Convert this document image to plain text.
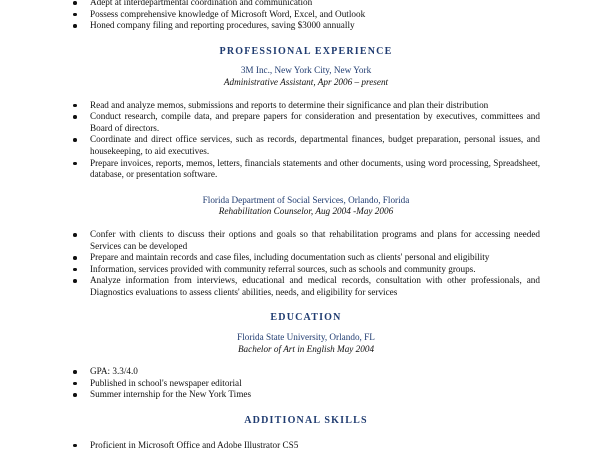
Adept at interdepartmental coordination and communication
Possess comprehensive knowledge of Microsoft Word, Excel, and Outlook
Honed company filing and reporting procedures, saving $3000 annually
PROFESSIONAL EXPERIENCE

3M Inc., New York City, New York

Administrative Assistant, Apr 2006 – present

Read and analyze memos, submissions and reports to determine their significance and plan their distribution
Conduct research, compile data, and prepare papers for consideration and presentation by executives, committees and Board of directors.
Coordinate and direct office services, such as records, departmental finances, budget preparation, personal issues, and housekeeping, to aid executives.
Prepare invoices, reports, memos, letters, financials statements and other documents, using word processing, Spreadsheet, database, or presentation software.

Florida Department of Social Services, Orlando, Florida

Rehabilitation Counselor, Aug 2004 -May 2006

Confer with clients to discuss their options and goals so that rehabilitation programs and plans for accessing needed Services can be developed
Prepare and maintain records and case files, including documentation such as clients' personal and eligibility
Information, services provided with community referral sources, such as schools and community groups.
Analyze information from interviews, educational and medical records, consultation with other professionals, and Diagnostics evaluations to assess clients' abilities, needs, and eligibility for services
EDUCATION

Florida State University, Orlando, FL

Bachelor of Art in English May 2004

GPA: 3.3/4.0
Published in school's newspaper editorial
Summer internship for the New York Times
ADDITIONAL SKILLS
Proficient in Microsoft Office and Adobe Illustrator CS5
